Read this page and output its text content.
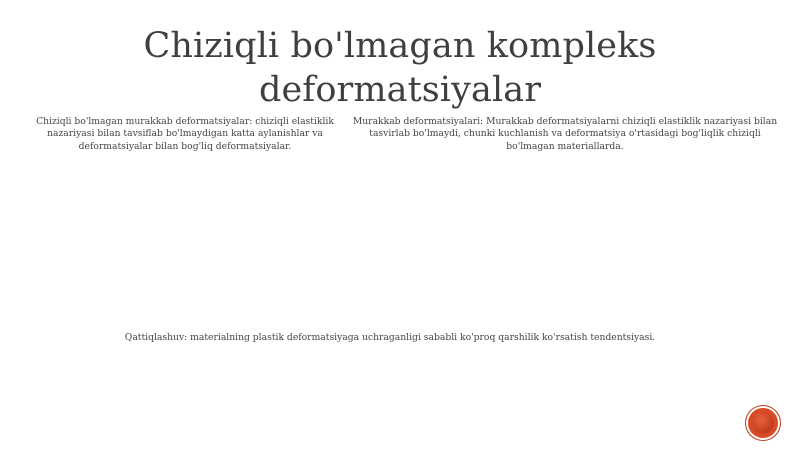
Chiziqli bo'lmagan kompleks deformatsiyalar

Chiziqli bo'lmagan murakkab deformatsiyalar: chiziqli elastiklik nazariyasi bilan tavsiflab bo'lmaydigan katta aylanishlar va deformatsiyalar bilan bog'liq deformatsiyalar.

Murakkab deformatsiyalari: Murakkab deformatsiyalarni chiziqli elastiklik nazariyasi bilan tasvirlab bo'lmaydi, chunki kuchlanish va deformatsiya o'rtasidagi bog'liqlik chiziqli bo'lmagan materiallarda.

Qattiqlashuv: materialning plastik deformatsiyaga uchraganligi sababli ko'proq qarshilik ko'rsatish tendentsiyasi.
